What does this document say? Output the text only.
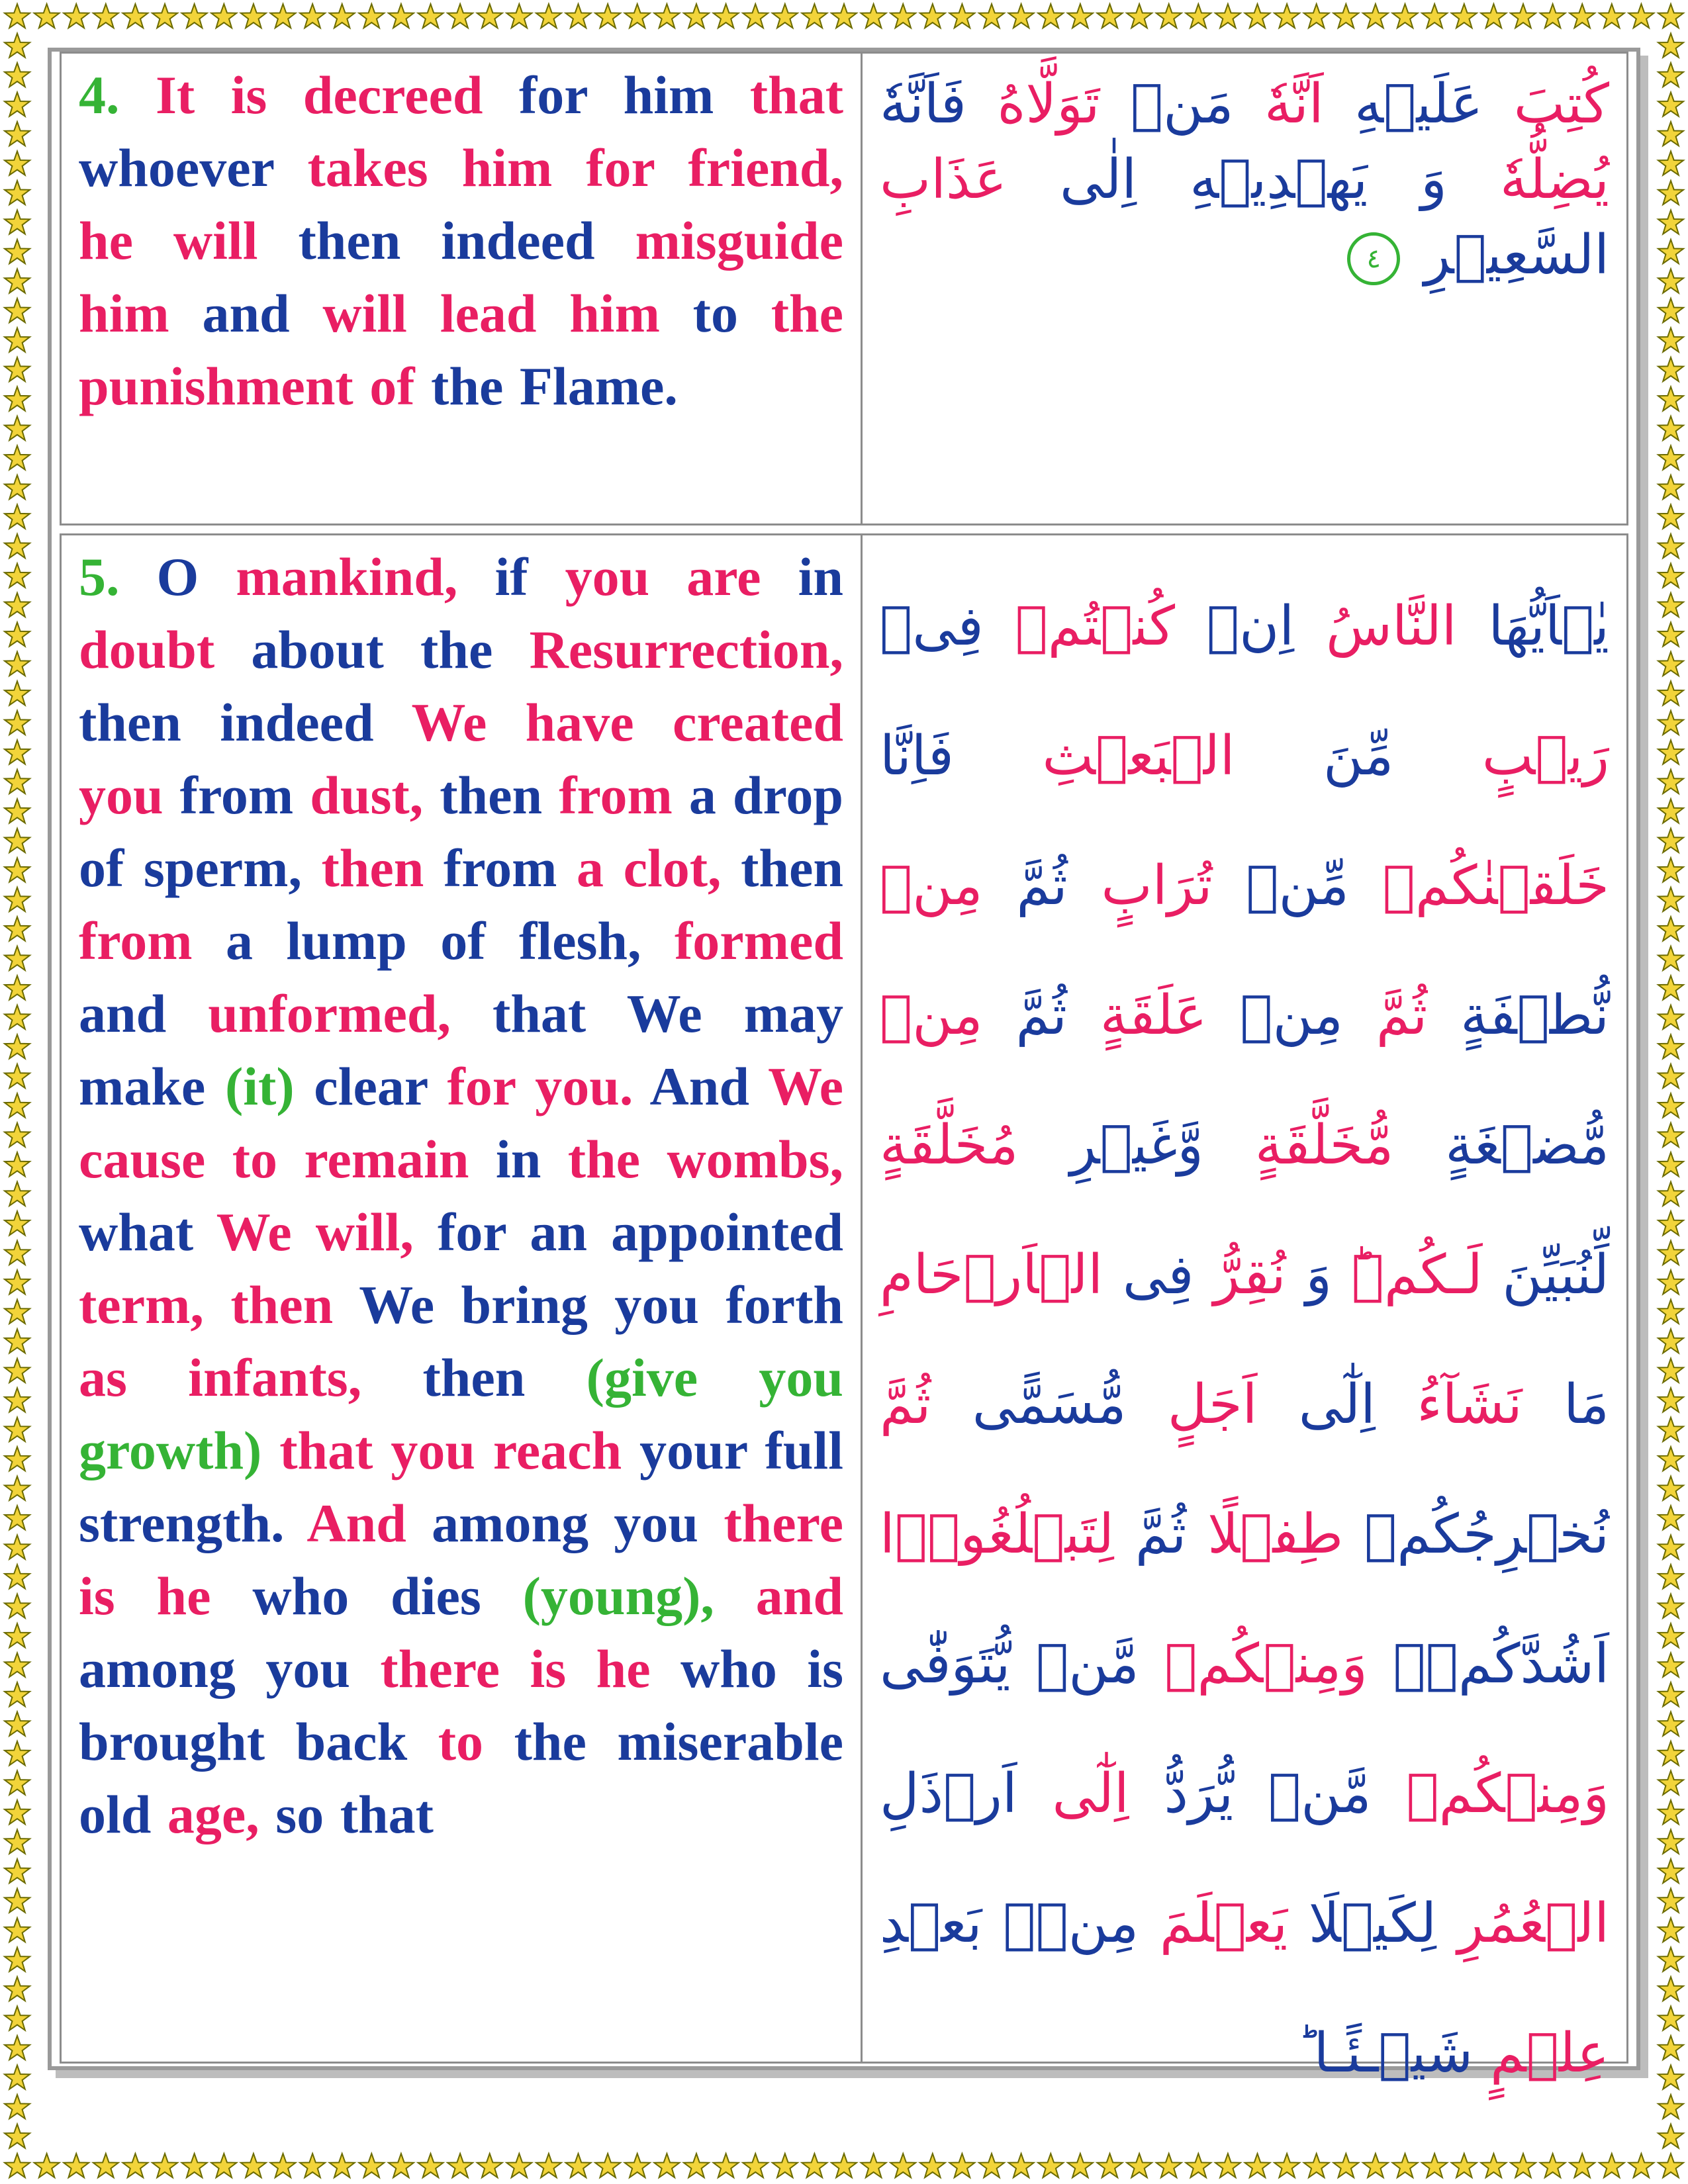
4. It is decreed for him that whoever takes him for friend, he will then indeed misguide him and will lead him to the punishment of the Flame.
كُتِبَ عَلَيۡهِ اَنَّهٗ مَنۡ تَوَلَّاهُ فَاَنَّهٗ يُضِلُّهٗ وَ يَهۡدِيۡهِ اِلٰى عَذَابِ السَّعِيۡرِ ٤
5. O mankind, if you are in doubt about the Resurrection, then indeed We have created you from dust, then from a drop of sperm, then from a clot, then from a lump of flesh, formed and unformed, that We may make (it) clear for you. And We cause to remain in the wombs, what We will, for an appointed term, then We bring you forth as infants, then (give you growth) that you reach your full strength. And among you there is he who dies (young), and among you there is he who is brought back to the miserable old age, so that
يٰۤاَيُّهَا النَّاسُ اِنۡ كُنۡتُمۡ فِىۡ رَيۡبٍ مِّنَ الۡبَعۡثِ فَاِنَّا خَلَقۡنٰكُمۡ مِّنۡ تُرَابٍ ثُمَّ مِنۡ نُّطۡفَةٍ ثُمَّ مِنۡ عَلَقَةٍ ثُمَّ مِنۡ مُّضۡغَةٍ مُّخَلَّقَةٍ وَّغَيۡرِ مُخَلَّقَةٍ لِّنُبَيِّنَ لَـكُمۡ‌ؕ وَ نُقِرُّ فِى الۡاَرۡحَامِ مَا نَشَآءُ اِلٰٓى اَجَلٍ مُّسَمًّى ثُمَّ نُخۡرِجُكُمۡ طِفۡلًا ثُمَّ لِتَبۡلُغُوۡۤا اَشُدَّكُمۡ‌ۚ وَمِنۡكُمۡ مَّنۡ يُّتَوَفّٰى وَمِنۡكُمۡ مَّنۡ يُّرَدُّ اِلٰٓى اَرۡذَلِ الۡعُمُرِ لِكَيۡلَا يَعۡلَمَ مِنۡۢ بَعۡدِ عِلۡمٍ شَيۡـئًـا‌ ؕ
